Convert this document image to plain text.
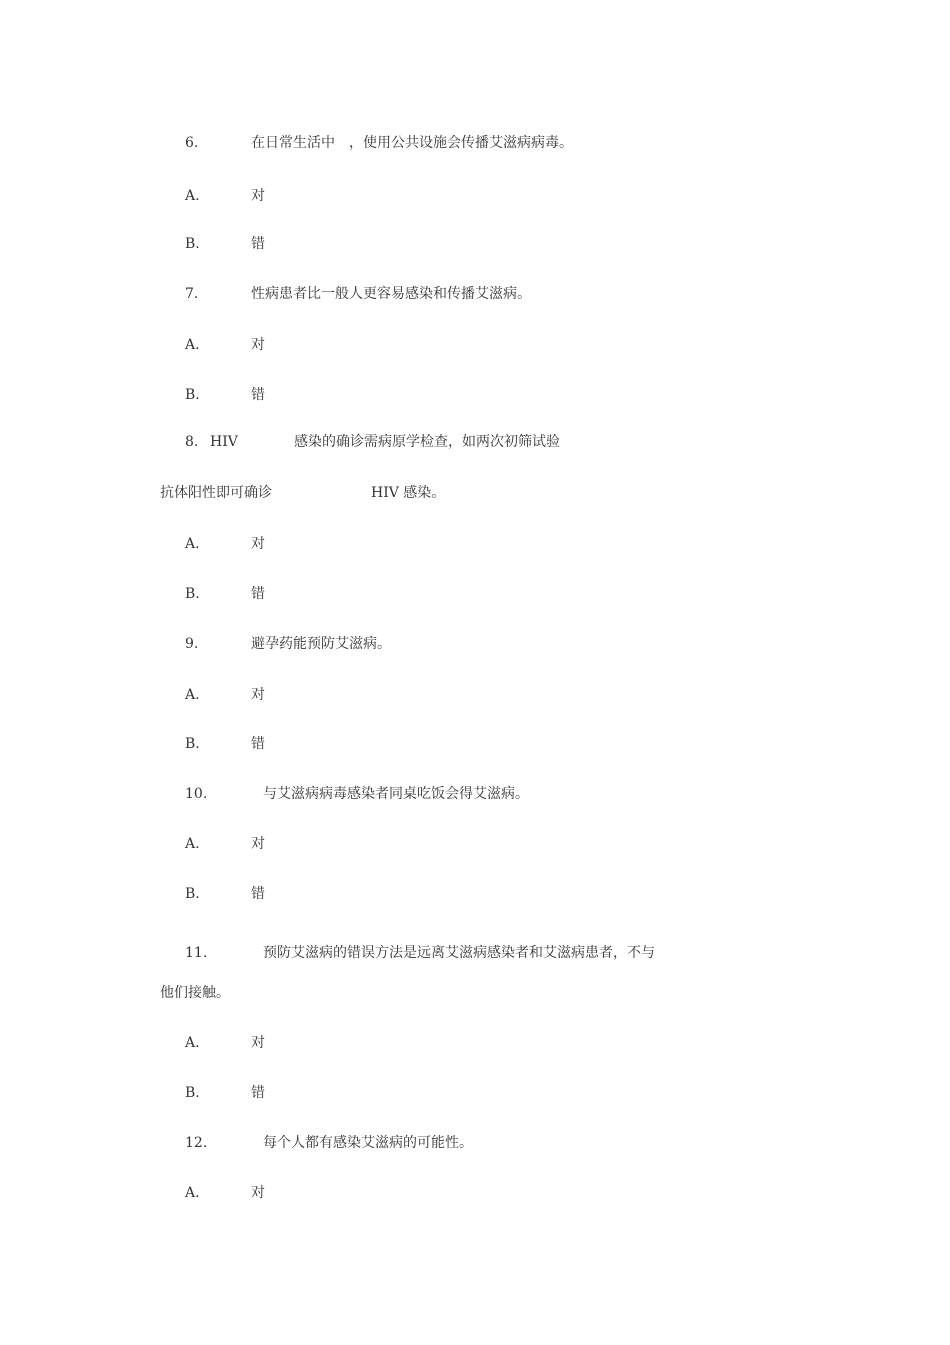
6.	在日常生活中　，使用公共设施会传播艾滋病病毒。
A.	对
B.	错
7.	性病患者比一般人更容易感染和传播艾滋病。
A.	对
B.	错
8. HIV	感染的确诊需病原学检查，如两次初筛试验
抗体阳性即可确诊	HIV 感染。
A.	对
B.	错
9.	避孕药能预防艾滋病。
A.	对
B.	错
10.	与艾滋病病毒感染者同桌吃饭会得艾滋病。
A.	对
B.	错
11.	预防艾滋病的错误方法是远离艾滋病感染者和艾滋病患者，不与
他们接触。
A.	对
B.	错
12.	每个人都有感染艾滋病的可能性。
A.	对
